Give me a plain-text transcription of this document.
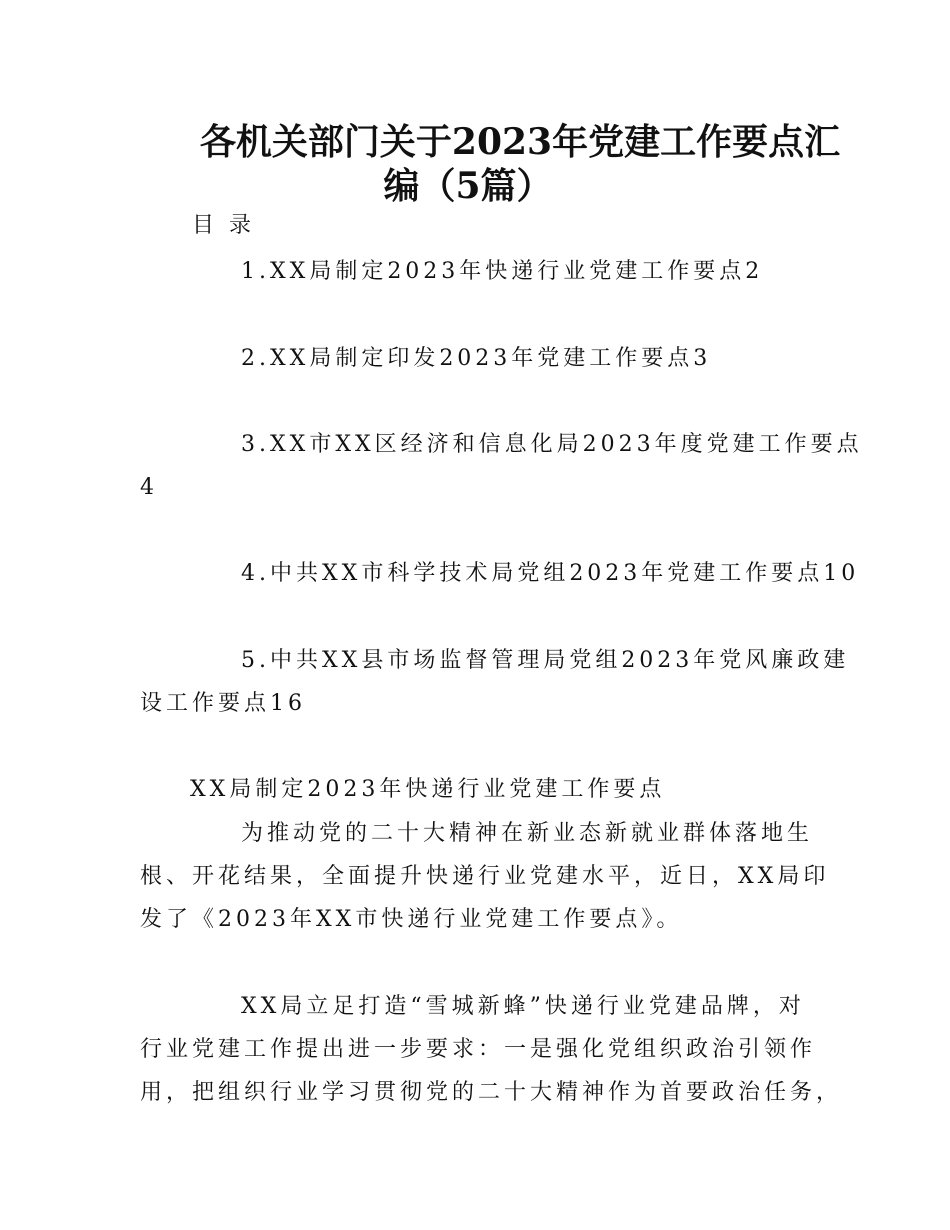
各机关部门关于2023年党建工作要点汇
编（5篇）
目 录
1.XX局制定2023年快递行业党建工作要点2
2.XX局制定印发2023年党建工作要点3
3.XX市XX区经济和信息化局2023年度党建工作要点
4
4.中共XX市科学技术局党组2023年党建工作要点10
5.中共XX县市场监督管理局党组2023年党风廉政建
设工作要点16
XX局制定2023年快递行业党建工作要点
为推动党的二十大精神在新业态新就业群体落地生
根、开花结果，全面提升快递行业党建水平，近日，XX局印
发了《2023年XX市快递行业党建工作要点》。
XX局立足打造“雪城新蜂”快递行业党建品牌，对
行业党建工作提出进一步要求：一是强化党组织政治引领作
用，把组织行业学习贯彻党的二十大精神作为首要政治任务，
